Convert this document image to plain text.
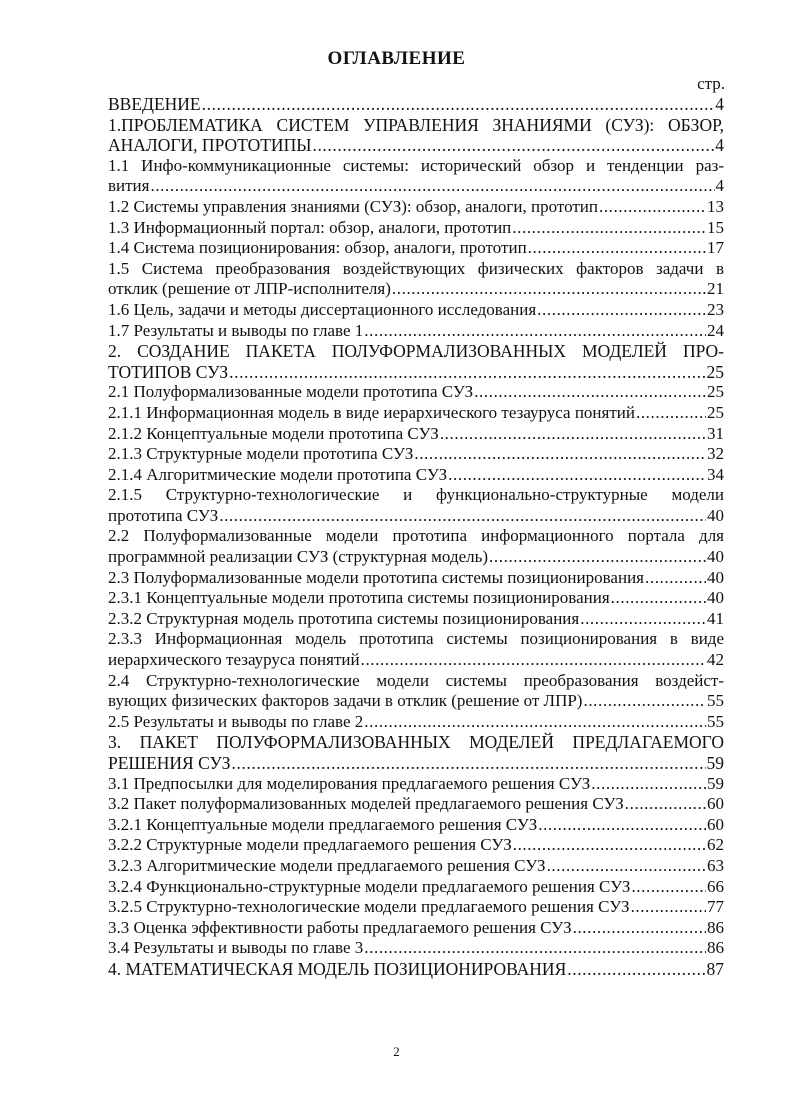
ОГЛАВЛЕНИЕ
стр.
ВВЕДЕНИЕ .....	4
1.ПРОБЛЕМАТИКА СИСТЕМ УПРАВЛЕНИЯ ЗНАНИЯМИ (СУЗ): ОБЗОР,
АНАЛОГИ, ПРОТОТИПЫ .....	4
1.1 Инфо-коммуникационные системы: исторический обзор и тенденции раз-
вития .....	4
1.2 Системы управления знаниями (СУЗ): обзор, аналоги, прототип .....	13
1.3 Информационный портал: обзор, аналоги, прототип .....	15
1.4 Система позиционирования: обзор, аналоги, прототип .....	17
1.5 Система преобразования воздействующих физических факторов задачи в
отклик (решение от ЛПР-исполнителя) .....	21
1.6 Цель, задачи и методы диссертационного исследования .....	23
1.7 Результаты и выводы по главе 1 .....	24
2. СОЗДАНИЕ ПАКЕТА ПОЛУФОРМАЛИЗОВАННЫХ МОДЕЛЕЙ ПРО-
ТОТИПОВ СУЗ .....	25
2.1 Полуформализованные модели прототипа СУЗ .....	25
2.1.1 Информационная модель в виде иерархического тезауруса понятий .....	25
2.1.2 Концептуальные модели прототипа СУЗ .....	31
2.1.3 Структурные модели прототипа СУЗ .....	32
2.1.4 Алгоритмические модели прототипа СУЗ .....	34
2.1.5 Структурно-технологические и функционально-структурные модели
прототипа СУЗ .....	40
2.2 Полуформализованные модели прототипа информационного портала для
программной реализации СУЗ (структурная модель) .....	40
2.3 Полуформализованные модели прототипа системы позиционирования .....	40
2.3.1 Концептуальные модели прототипа системы позиционирования .....	40
2.3.2 Структурная модель прототипа системы позиционирования .....	41
2.3.3 Информационная модель прототипа системы позиционирования в виде
иерархического тезауруса понятий .....	42
2.4 Структурно-технологические модели системы преобразования воздейст-
вующих физических факторов задачи в отклик (решение от ЛПР) .....	55
2.5 Результаты и выводы по главе 2 .....	55
3. ПАКЕТ ПОЛУФОРМАЛИЗОВАННЫХ МОДЕЛЕЙ ПРЕДЛАГАЕМОГО
РЕШЕНИЯ СУЗ .....	59
3.1 Предпосылки для моделирования предлагаемого решения СУЗ .....	59
3.2 Пакет полуформализованных моделей предлагаемого решения СУЗ .....	60
3.2.1 Концептуальные модели предлагаемого решения СУЗ .....	60
3.2.2 Структурные модели предлагаемого решения СУЗ .....	62
3.2.3 Алгоритмические модели предлагаемого решения СУЗ .....	63
3.2.4 Функционально-структурные модели предлагаемого решения СУЗ .....	66
3.2.5 Структурно-технологические модели предлагаемого решения СУЗ .....	77
3.3 Оценка эффективности работы предлагаемого решения СУЗ .....	86
3.4 Результаты и выводы по главе 3 .....	86
4. МАТЕМАТИЧЕСКАЯ МОДЕЛЬ ПОЗИЦИОНИРОВАНИЯ .....	87
2
